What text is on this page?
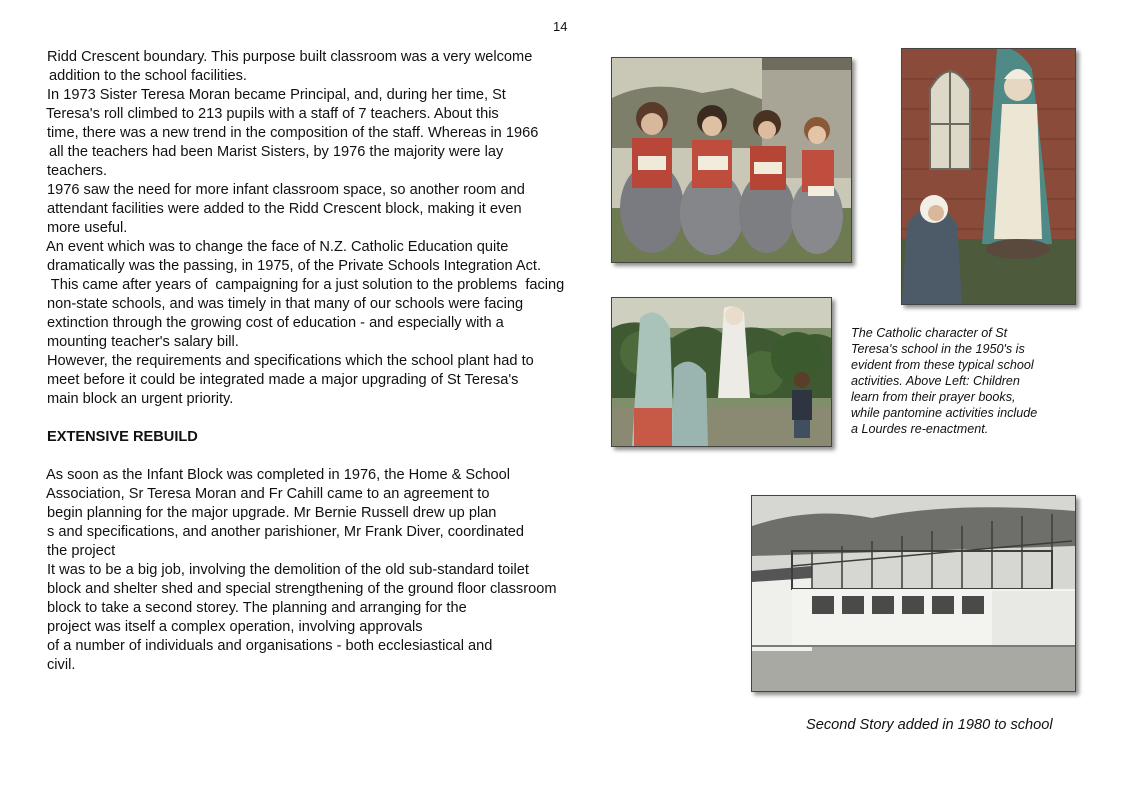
14
Ridd Crescent boundary. This purpose built classroom was a very welcome
addition to the school facilities.
In 1973 Sister Teresa Moran became Principal, and, during her time, St
Teresa's roll climbed to 213 pupils with a staff of 7 teachers. About this
time, there was a new trend in the composition of the staff. Whereas in 1966
all the teachers had been Marist Sisters, by 1976 the majority were lay
teachers.
1976 saw the need for more infant classroom space, so another room and
attendant facilities were added to the Ridd Crescent block, making it even
more useful.
An event which was to change the face of N.Z. Catholic Education quite
dramatically was the passing, in 1975, of the Private Schools Integration Act.
This came after years of  campaigning for a just solution to the problems  facing
non-state schools, and was timely in that many of our schools were facing
extinction through the growing cost of education - and especially with a
mounting teacher's salary bill.
However, the requirements and specifications which the school plant had to
meet before it could be integrated made a major upgrading of St Teresa's
main block an urgent priority.
EXTENSIVE REBUILD
As soon as the Infant Block was completed in 1976, the Home & School
Association, Sr Teresa Moran and Fr Cahill came to an agreement to
begin planning for the major upgrade. Mr Bernie Russell drew up plan
s and specifications, and another parishioner, Mr Frank Diver, coordinated
the project
It was to be a big job, involving the demolition of the old sub-standard toilet
block and shelter shed and special strengthening of the ground floor classroom
block to take a second storey. The planning and arranging for the
project was itself a complex operation, involving approvals
of a number of individuals and organisations - both ecclesiastical and
civil.
The Catholic character of St
Teresa's school in the 1950's is
evident from these typical school
activities. Above Left: Children
learn from their prayer books,
while pantomine activities include
a Lourdes re-enactment.
Second Story added in 1980 to school
